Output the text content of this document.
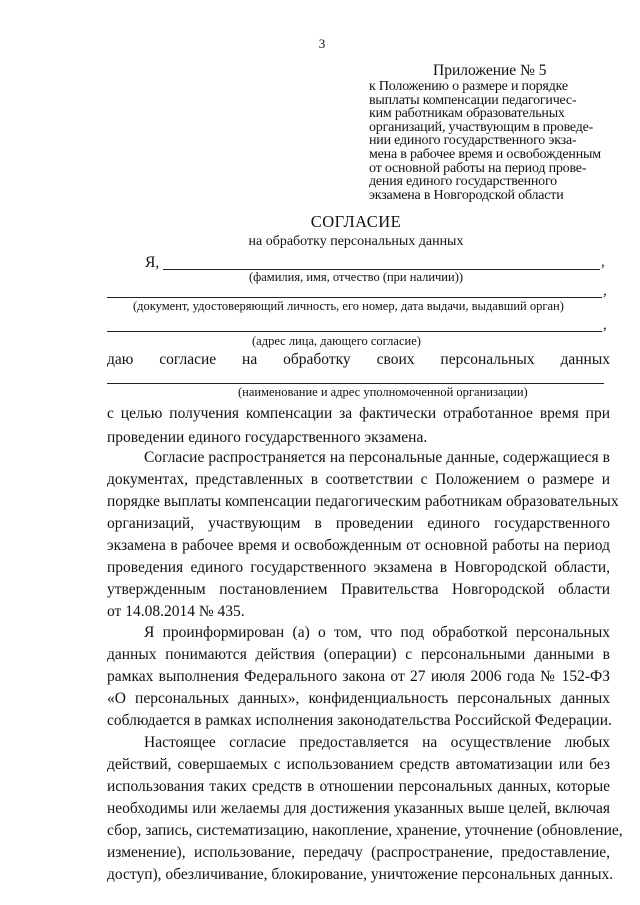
3
Приложение № 5
к Положению о размере и порядке
выплаты компенсации педагогичес-
ким работникам образовательных
организаций, участвующим в проведе-
нии единого государственного экза-
мена в рабочее время и освобожденным
от основной работы на период прове-
дения единого государственного
экзамена в Новгородской области
СОГЛАСИЕ
на обработку персональных данных
Я,	,
(фамилия, имя, отчество (при наличии))
,
(документ, удостоверяющий личность, его номер, дата выдачи, выдавший орган)
,
(адрес лица, дающего согласие)
даю согласие на обработку своих персональных данных
(наименование и адрес уполномоченной организации)
с целью получения компенсации за фактически отработанное время при
проведении единого государственного экзамена.
Согласие распространяется на персональные данные, содержащиеся в
документах, представленных в соответствии с Положением о размере и
порядке выплаты компенсации педагогическим работникам образовательных
организаций, участвующим в проведении единого государственного
экзамена в рабочее время и освобожденным от основной работы на период
проведения единого государственного экзамена в Новгородской области,
утвержденным постановлением Правительства Новгородской области
от 14.08.2014 № 435.
Я проинформирован (а) о том, что под обработкой персональных
данных понимаются действия (операции) с персональными данными в
рамках выполнения Федерального закона от 27 июля 2006 года № 152-ФЗ
«О персональных данных», конфиденциальность персональных данных
соблюдается в рамках исполнения законодательства Российской Федерации.
Настоящее согласие предоставляется на осуществление любых
действий, совершаемых с использованием средств автоматизации или без
использования таких средств в отношении персональных данных, которые
необходимы или желаемы для достижения указанных выше целей, включая
сбор, запись, систематизацию, накопление, хранение, уточнение (обновление,
изменение), использование, передачу (распространение, предоставление,
доступ), обезличивание, блокирование, уничтожение персональных данных.
